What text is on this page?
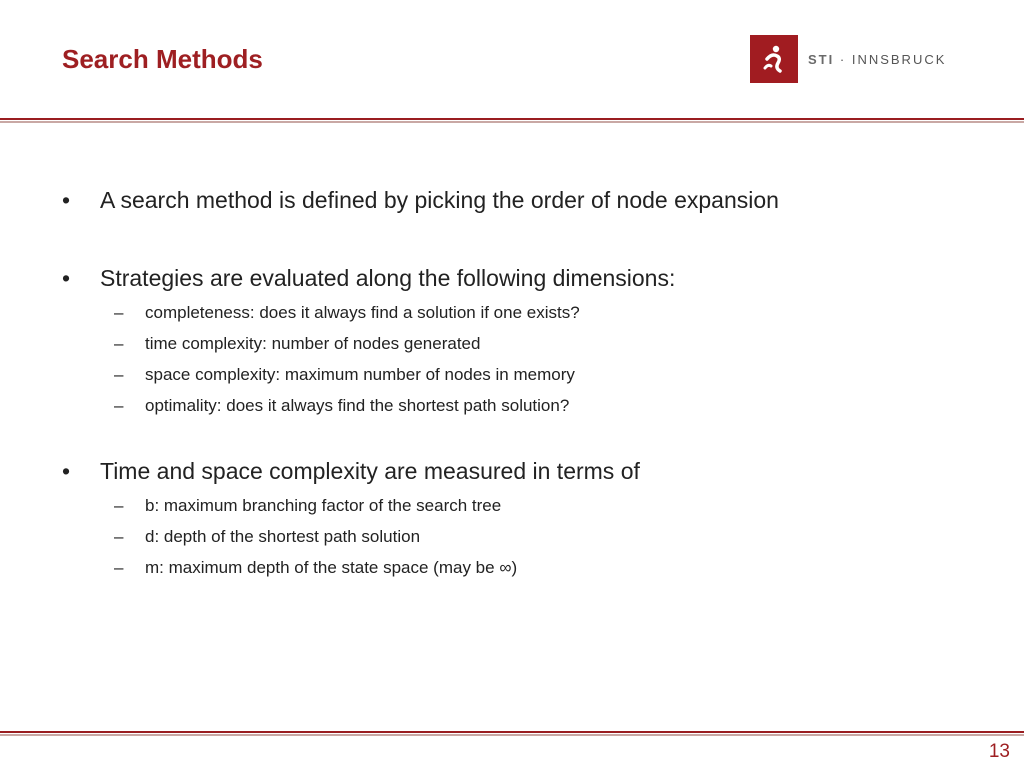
Search Methods	STI · INNSBRUCK
•	A search method is defined by picking the order of node expansion
•	Strategies are evaluated along the following dimensions:
–	completeness: does it always find a solution if one exists?
–	time complexity: number of nodes generated
–	space complexity: maximum number of nodes in memory
–	optimality: does it always find the shortest path solution?
•	Time and space complexity are measured in terms of
–	b: maximum branching factor of the search tree
–	d: depth of the shortest path solution
–	m: maximum depth of the state space (may be ∞)
13
